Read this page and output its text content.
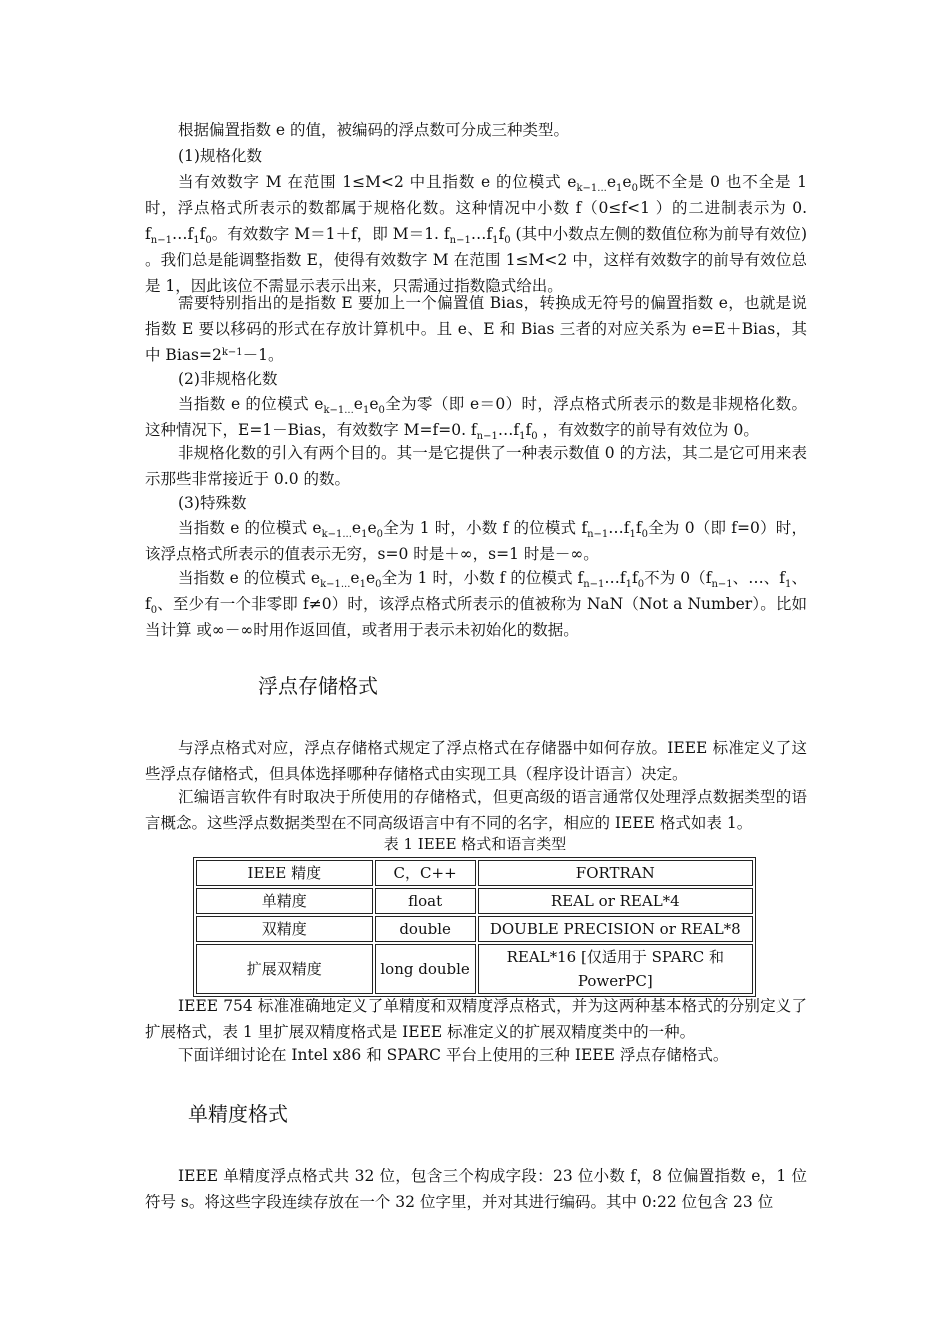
根据偏置指数 e 的值，被编码的浮点数可分成三种类型。

(1)规格化数

当有效数字 M 在范围 1≤M<2 中且指数 e 的位模式 $e_{k-1...}e_1e_0$既不全是 0 也不全是 1 时，浮点格式所表示的数都属于规格化数。这种情况中小数 f（0≤f<1 ）的二进制表示为 0. $f_{n-1}\dots f_1f_0$。有效数字 M＝1＋f，即 M＝1. $f_{n-1}\dots f_1f_0$ (其中小数点左侧的数值位称为前导有效位) 。我们总是能调整指数 E，使得有效数字 M 在范围 1≤M<2 中，这样有效数字的前导有效位总是 1，因此该位不需显示表示出来，只需通过指数隐式给出。

需要特别指出的是指数 E 要加上一个偏置值 Bias，转换成无符号的偏置指数 e，也就是说指数 E 要以移码的形式在存放计算机中。且 e、E 和 Bias 三者的对应关系为 e=E＋Bias，其中 $Bias=2^{k-1}-1$。

(2)非规格化数

当指数 e 的位模式 $e_{k-1...}e_1e_0$全为零（即 e＝0）时，浮点格式所表示的数是非规格化数。这种情况下，E=1－Bias，有效数字 M=f=0. $f_{n-1}\dots f_1f_0$ ，有效数字的前导有效位为 0。

非规格化数的引入有两个目的。其一是它提供了一种表示数值 0 的方法，其二是它可用来表示那些非常接近于 0.0 的数。

(3)特殊数

当指数 e 的位模式 $e_{k-1...}e_1e_0$全为 1 时，小数 f 的位模式 $f_{n-1}\dots f_1f_0$全为 0（即 f=0）时，该浮点格式所表示的值表示无穷，s=0 时是＋∞，s=1 时是－∞。

当指数 e 的位模式 $e_{k-1...}e_1e_0$全为 1 时，小数 f 的位模式 $f_{n-1}\dots f_1f_0$不为 $0(f_{n-1}$、…、$f_1$、$f_0$、至少有一个非零即 f≠0）时，该浮点格式所表示的值被称为 NaN（Not a Number）。比如当计算 或∞－∞时用作返回值，或者用于表示未初始化的数据。

浮点存储格式

与浮点格式对应，浮点存储格式规定了浮点格式在存储器中如何存放。IEEE 标准定义了这些浮点存储格式，但具体选择哪种存储格式由实现工具（程序设计语言）决定。

汇编语言软件有时取决于所使用的存储格式，但更高级的语言通常仅处理浮点数据类型的语言概念。这些浮点数据类型在不同高级语言中有不同的名字，相应的 IEEE 格式如表 1。

表 1 IEEE 格式和语言类型
IEEE 精度	C，C++	FORTRAN
单精度	float	REAL or REAL*4
双精度	double	DOUBLE PRECISION or REAL*8
扩展双精度	long double	REAL*16 [仅适用于 SPARC 和 PowerPC]

IEEE 754 标准准确地定义了单精度和双精度浮点格式，并为这两种基本格式的分别定义了扩展格式，表 1 里扩展双精度格式是 IEEE 标准定义的扩展双精度类中的一种。

下面详细讨论在 Intel x86 和 SPARC 平台上使用的三种 IEEE 浮点存储格式。

单精度格式

IEEE 单精度浮点格式共 32 位，包含三个构成字段：23 位小数 f，8 位偏置指数 e，1 位符号 s。将这些字段连续存放在一个 32 位字里，并对其进行编码。其中 0:22 位包含 23 位
